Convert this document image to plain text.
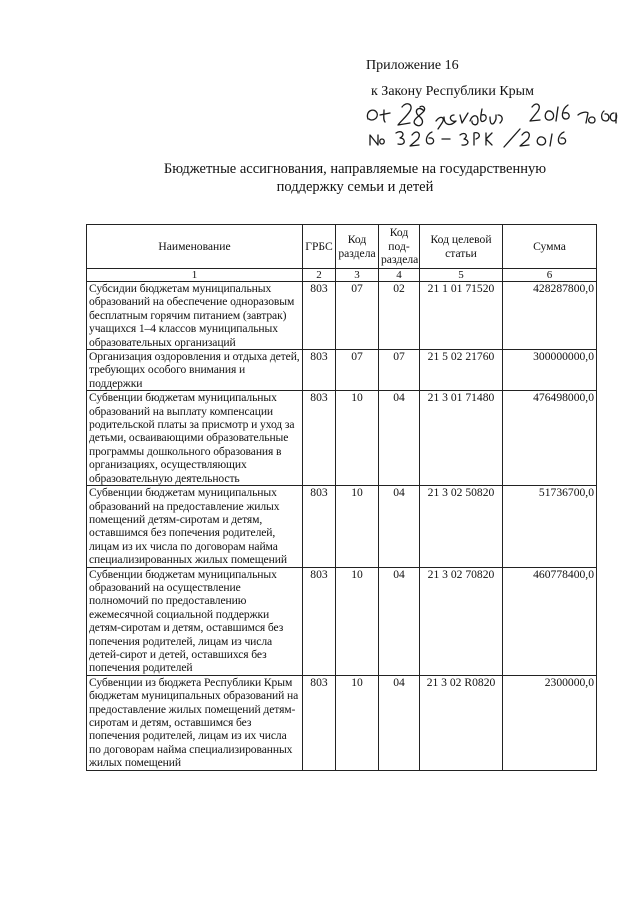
Приложение 16
к Закону Республики Крым
Бюджетные ассигнования, направляемые на государственную
поддержку семьи и детей
Наименование	ГРБС	Код раздела	Код под-раздела	Код целевой статьи	Сумма
1	2	3	4	5	6
Субсидии бюджетам муниципальных образований на обеспечение одноразовым бесплатным горячим питанием (завтрак) учащихся 1–4 классов муниципальных образовательных организаций	803	07	02	21 1 01 71520	428287800,0
Организация оздоровления и отдыха детей, требующих особого внимания и поддержки	803	07	07	21 5 02 21760	300000000,0
Субвенции бюджетам муниципальных образований на выплату компенсации родительской платы за присмотр и уход за детьми, осваивающими образовательные программы дошкольного образования в организациях, осуществляющих образовательную деятельность	803	10	04	21 3 01 71480	476498000,0
Субвенции бюджетам муниципальных образований на предоставление жилых помещений детям-сиротам и детям, оставшимся без попечения родителей, лицам из их числа по договорам найма специализированных жилых помещений	803	10	04	21 3 02 50820	51736700,0
Субвенции бюджетам муниципальных образований на осуществление полномочий по предоставлению ежемесячной социальной поддержки детям-сиротам и детям, оставшимся без попечения родителей, лицам из числа детей-сирот и детей, оставшихся без попечения родителей	803	10	04	21 3 02 70820	460778400,0
Субвенции из бюджета Республики Крым бюджетам муниципальных образований на предоставление жилых помещений детям-сиротам и детям, оставшимся без попечения родителей, лицам из их числа по договорам найма специализированных жилых помещений	803	10	04	21 3 02 R0820	2300000,0
